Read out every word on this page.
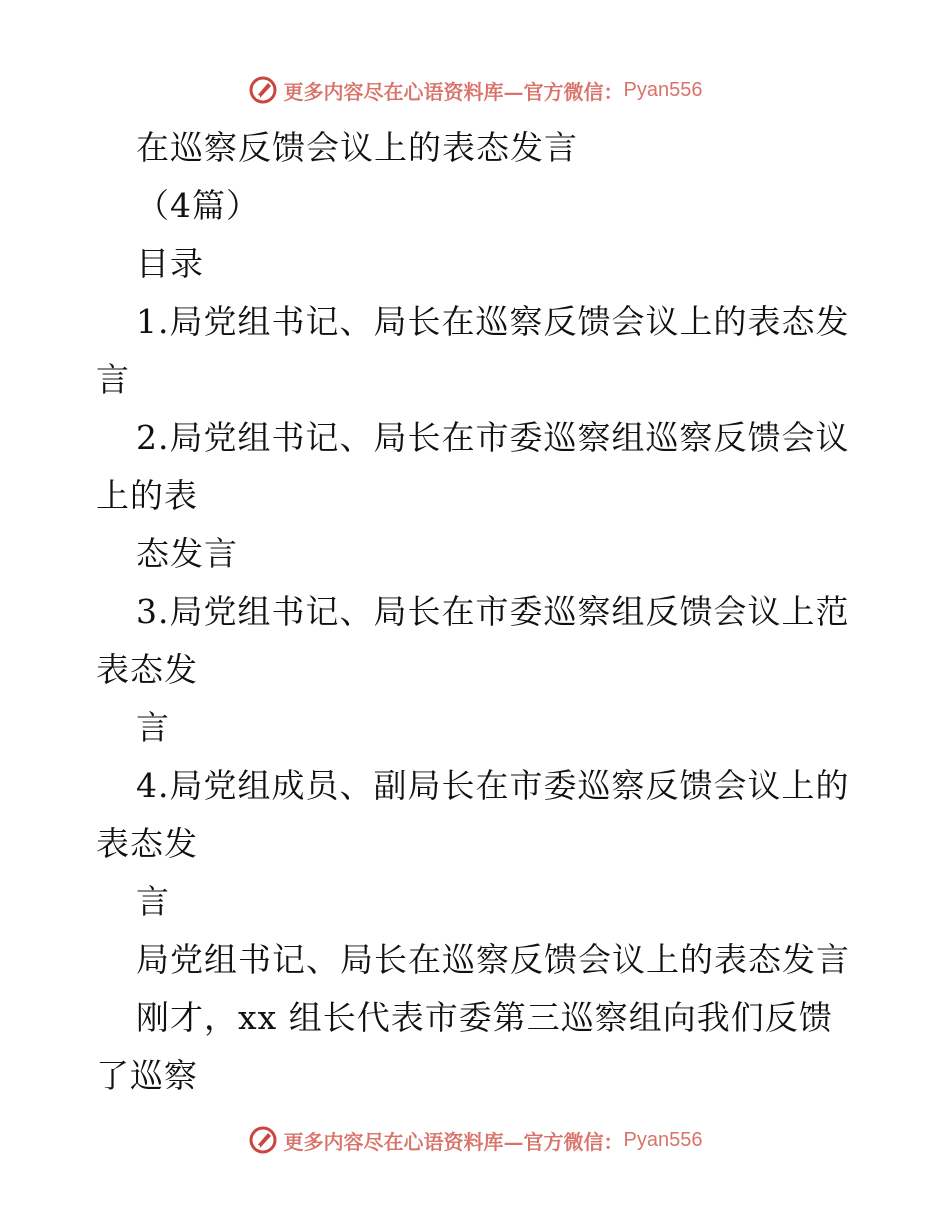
更多内容尽在心语资料库—官方微信： Pyan556
在巡察反馈会议上的表态发言
（4篇）
目录
1.局党组书记、局长在巡察反馈会议上的表态发
言
2.局党组书记、局长在市委巡察组巡察反馈会议
上的表
态发言
3.局党组书记、局长在市委巡察组反馈会议上范
表态发
言
4.局党组成员、副局长在市委巡察反馈会议上的
表态发
言
局党组书记、局长在巡察反馈会议上的表态发言
刚才，xx 组长代表市委第三巡察组向我们反馈
了巡察
更多内容尽在心语资料库—官方微信： Pyan556
